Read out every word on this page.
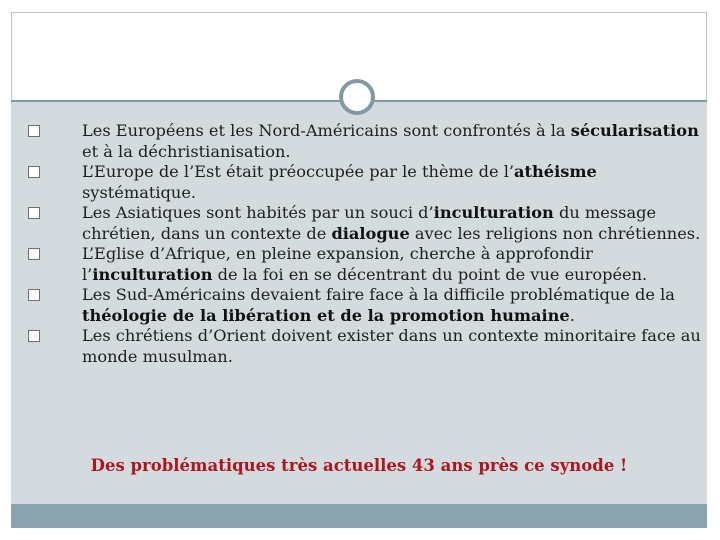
Les Européens et les Nord-Américains sont confrontés à la sécularisation et à la déchristianisation.
L’Europe de l’Est était préoccupée par le thème de l’athéisme systématique.
Les Asiatiques sont habités par un souci d’inculturation du message chrétien, dans un contexte de dialogue avec les religions non chrétiennes.
L’Eglise d’Afrique, en pleine expansion, cherche à approfondir l’inculturation de la foi en se décentrant du point de vue européen.
Les Sud-Américains devaient faire face à la difficile problématique de la théologie de la libération et de la promotion humaine.
Les chrétiens d’Orient doivent exister dans un contexte minoritaire face au monde musulman.
Des problématiques très actuelles 43 ans près ce synode !
